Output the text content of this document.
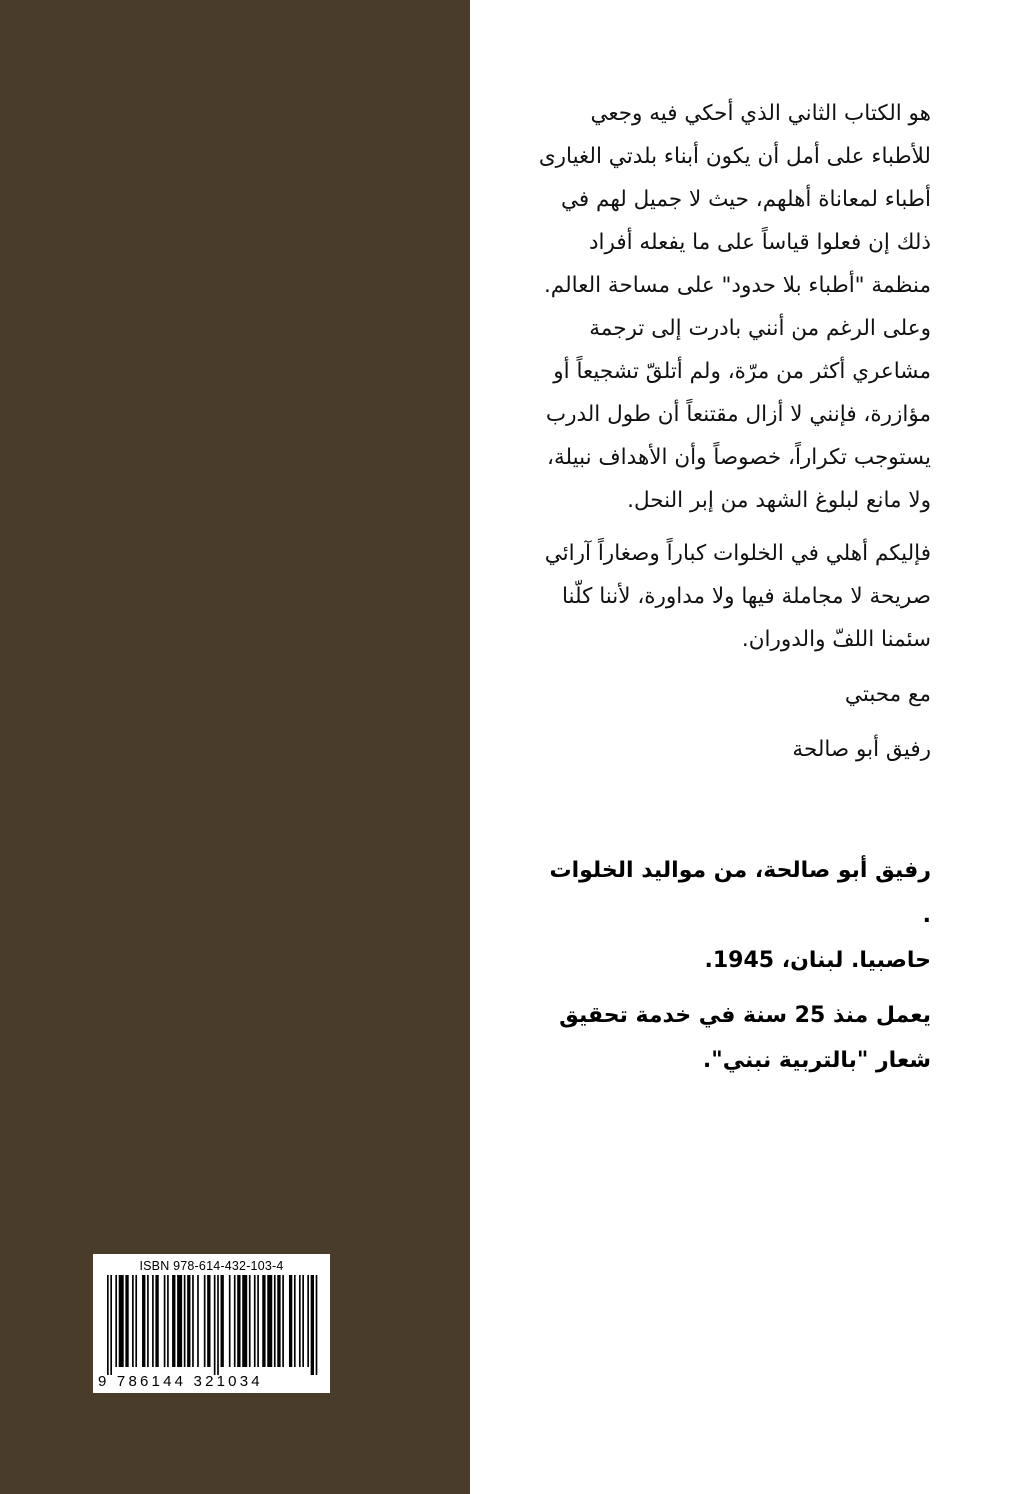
هو الكتاب الثاني الذي أحكي فيه وجعي للأطباء على أمل أن يكون أبناء بلدتي الغيارى أطباء لمعاناة أهلهم، حيث لا جميل لهم في ذلك إن فعلوا قياساً على ما يفعله أفراد منظمة "أطباء بلا حدود" على مساحة العالم. وعلى الرغم من أنني بادرت إلى ترجمة مشاعري أكثر من مرّة، ولم أتلقّ تشجيعاً أو مؤازرة، فإنني لا أزال مقتنعاً أن طول الدرب يستوجب تكراراً، خصوصاً وأن الأهداف نبيلة، ولا مانع لبلوغ الشهد من إبر النحل.

فإليكم أهلي في الخلوات كباراً وصغاراً آرائي صريحة لا مجاملة فيها ولا مداورة، لأننا كلّنا سئمنا اللفّ والدوران.

مع محبتي

رفيق أبو صالحة

رفيق أبو صالحة، من مواليد الخلوات .

حاصبيا. لبنان، 1945.

يعمل منذ 25 سنة في خدمة تحقيق

شعار "بالتربية نبني".

ISBN 978-614-432-103-4
9 786144 321034
